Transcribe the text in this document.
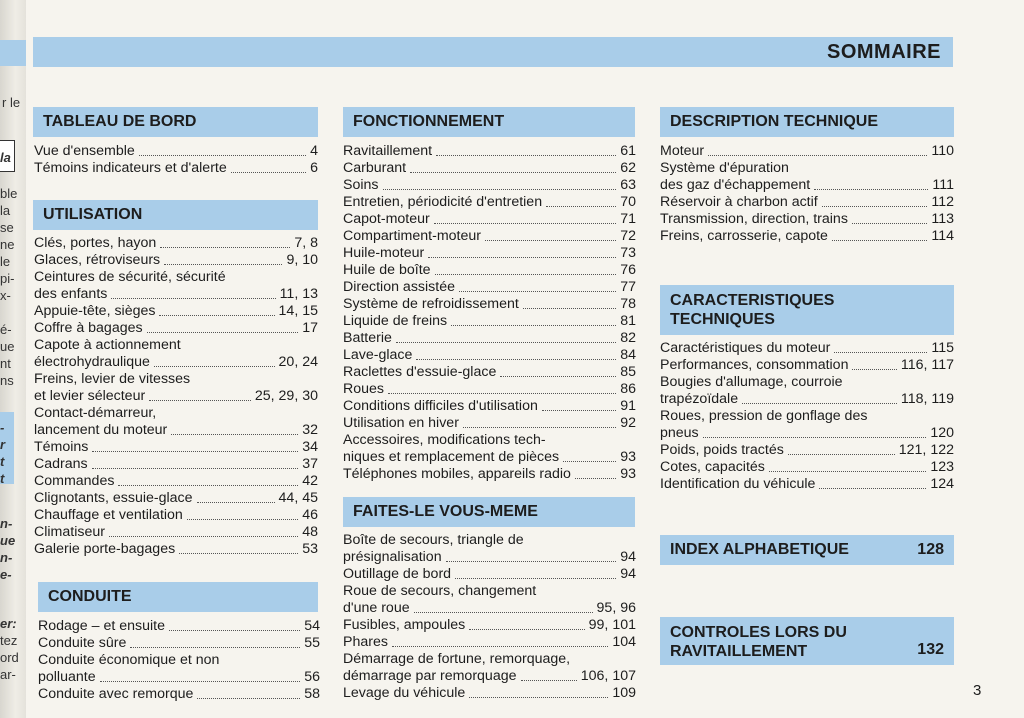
r le
la
ble
la
se
ne
le
pi-
x-
é-
ue
nt
ns
-
r
t
t
n-
ue
n-
e-
er:
tez
ord
ar-
SOMMAIRE
TABLEAU DE BORD
Vue d'ensemble	4
Témoins indicateurs et d'alerte	6
UTILISATION
Clés, portes, hayon	7, 8
Glaces, rétroviseurs	9, 10
Ceintures de sécurité, sécurité
des enfants	11, 13
Appuie-tête, sièges	14, 15
Coffre à bagages	17
Capote à actionnement
électrohydraulique	20, 24
Freins, levier de vitesses
et levier sélecteur	25, 29, 30
Contact-démarreur,
lancement du moteur	32
Témoins	34
Cadrans	37
Commandes	42
Clignotants, essuie-glace	44, 45
Chauffage et ventilation	46
Climatiseur	48
Galerie porte-bagages	53
CONDUITE
Rodage – et ensuite	54
Conduite sûre	55
Conduite économique et non
polluante	56
Conduite avec remorque	58
FONCTIONNEMENT
Ravitaillement	61
Carburant	62
Soins	63
Entretien, périodicité d'entretien	70
Capot-moteur	71
Compartiment-moteur	72
Huile-moteur	73
Huile de boîte	76
Direction assistée	77
Système de refroidissement	78
Liquide de freins	81
Batterie	82
Lave-glace	84
Raclettes d'essuie-glace	85
Roues	86
Conditions difficiles d'utilisation	91
Utilisation en hiver	92
Accessoires, modifications tech-
niques et remplacement de pièces	93
Téléphones mobiles, appareils radio	93
FAITES-LE VOUS-MEME
Boîte de secours, triangle de
présignalisation	94
Outillage de bord	94
Roue de secours, changement
d'une roue	95, 96
Fusibles, ampoules	99, 101
Phares	104
Démarrage de fortune, remorquage,
démarrage par remorquage	106, 107
Levage du véhicule	109
DESCRIPTION TECHNIQUE
Moteur	110
Système d'épuration
des gaz d'échappement	111
Réservoir à charbon actif	112
Transmission, direction, trains	113
Freins, carrosserie, capote	114
CARACTERISTIQUES
TECHNIQUES
Caractéristiques du moteur	115
Performances, consommation	116, 117
Bougies d'allumage, courroie
trapézoïdale	118, 119
Roues, pression de gonflage des
pneus	120
Poids, poids tractés	121, 122
Cotes, capacités	123
Identification du véhicule	124
INDEX ALPHABETIQUE	128
CONTROLES LORS DU
RAVITAILLEMENT	132
3
